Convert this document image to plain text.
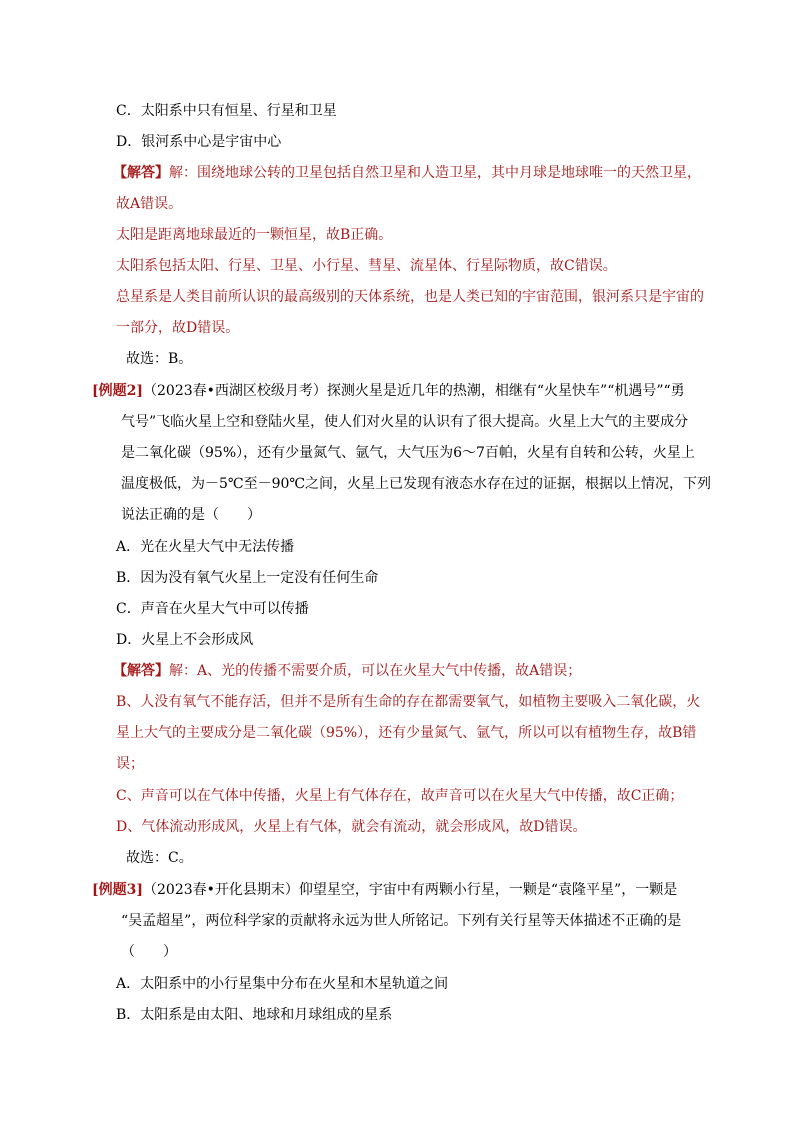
C．太阳系中只有恒星、行星和卫星
D．银河系中心是宇宙中心
【解答】解：围绕地球公转的卫星包括自然卫星和人造卫星，其中月球是地球唯一的天然卫星，
故A错误。
太阳是距离地球最近的一颗恒星，故B正确。
太阳系包括太阳、行星、卫星、小行星、彗星、流星体、行星际物质，故C错误。
总星系是人类目前所认识的最高级别的天体系统，也是人类已知的宇宙范围，银河系只是宇宙的
一部分，故D错误。
故选：B。
[例题2]（2023春•西湖区校级月考）探测火星是近几年的热潮，相继有“火星快车”“机遇号”“勇
气号”飞临火星上空和登陆火星，使人们对火星的认识有了很大提高。火星上大气的主要成分
是二氧化碳（95%），还有少量氮气、氩气，大气压为6～7百帕，火星有自转和公转，火星上
温度极低，为－5℃至－90℃之间，火星上已发现有液态水存在过的证据，根据以上情况，下列
说法正确的是（　　）
A．光在火星大气中无法传播
B．因为没有氧气火星上一定没有任何生命
C．声音在火星大气中可以传播
D．火星上不会形成风
【解答】解：A、光的传播不需要介质，可以在火星大气中传播，故A错误；
B、人没有氧气不能存活，但并不是所有生命的存在都需要氧气，如植物主要吸入二氧化碳，火
星上大气的主要成分是二氧化碳（95%），还有少量氮气、氩气，所以可以有植物生存，故B错
误；
C、声音可以在气体中传播，火星上有气体存在，故声音可以在火星大气中传播，故C正确；
D、气体流动形成风，火星上有气体，就会有流动，就会形成风，故D错误。
故选：C。
[例题3]（2023春•开化县期末）仰望星空，宇宙中有两颗小行星，一颗是“袁隆平星”，一颗是
“吴孟超星”，两位科学家的贡献将永远为世人所铭记。下列有关行星等天体描述不正确的是
（　　）
A．太阳系中的小行星集中分布在火星和木星轨道之间
B．太阳系是由太阳、地球和月球组成的星系
